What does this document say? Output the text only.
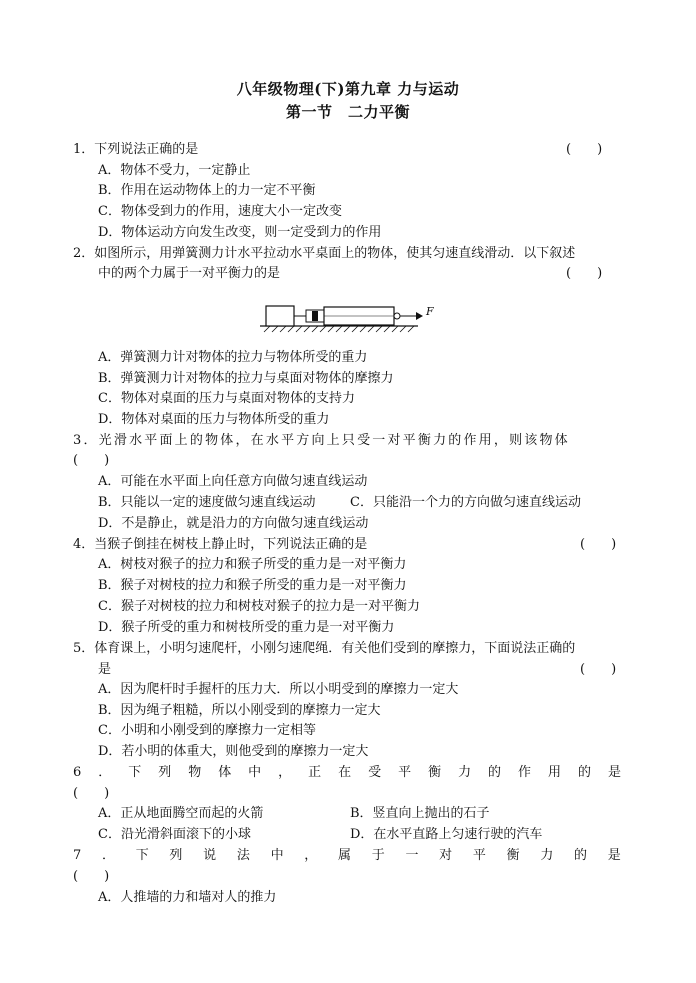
八年级物理(下)第九章 力与运动
第一节　二力平衡
1．下列说法正确的是	(　　)
A．物体不受力，一定静止
B．作用在运动物体上的力一定不平衡
C．物体受到力的作用，速度大小一定改变
D．物体运动方向发生改变，则一定受到力的作用
2．如图所示，用弹簧测力计水平拉动水平桌面上的物体，使其匀速直线滑动．以下叙述
中的两个力属于一对平衡力的是	(　　)
F
A．弹簧测力计对物体的拉力与物体所受的重力
B．弹簧测力计对物体的拉力与桌面对物体的摩擦力
C．物体对桌面的压力与桌面对物体的支持力
D．物体对桌面的压力与物体所受的重力
3．光滑水平面上的物体，在水平方向上只受一对平衡力的作用，则该物体
(　　)
A．可能在水平面上向任意方向做匀速直线运动
B．只能以一定的速度做匀速直线运动	C．只能沿一个力的方向做匀速直线运动
D．不是静止，就是沿力的方向做匀速直线运动
4．当猴子倒挂在树枝上静止时，下列说法正确的是	(　　)
A．树枝对猴子的拉力和猴子所受的重力是一对平衡力
B．猴子对树枝的拉力和猴子所受的重力是一对平衡力
C．猴子对树枝的拉力和树枝对猴子的拉力是一对平衡力
D．猴子所受的重力和树枝所受的重力是一对平衡力
5．体育课上，小明匀速爬杆，小刚匀速爬绳．有关他们受到的摩擦力，下面说法正确的
是	(　　)
A．因为爬杆时手握杆的压力大．所以小明受到的摩擦力一定大
B．因为绳子粗糙，所以小刚受到的摩擦力一定大
C．小明和小刚受到的摩擦力一定相等
D．若小明的体重大，则他受到的摩擦力一定大
6 ． 下 列 物 体 中 ， 正 在 受 平 衡 力 的 作 用 的 是
(　　)
A．正从地面腾空而起的火箭	B．竖直向上抛出的石子
C．沿光滑斜面滚下的小球	D．在水平直路上匀速行驶的汽车
7 ． 下 列 说 法 中 ， 属 于 一 对 平 衡 力 的 是
(　　)
A．人推墙的力和墙对人的推力
